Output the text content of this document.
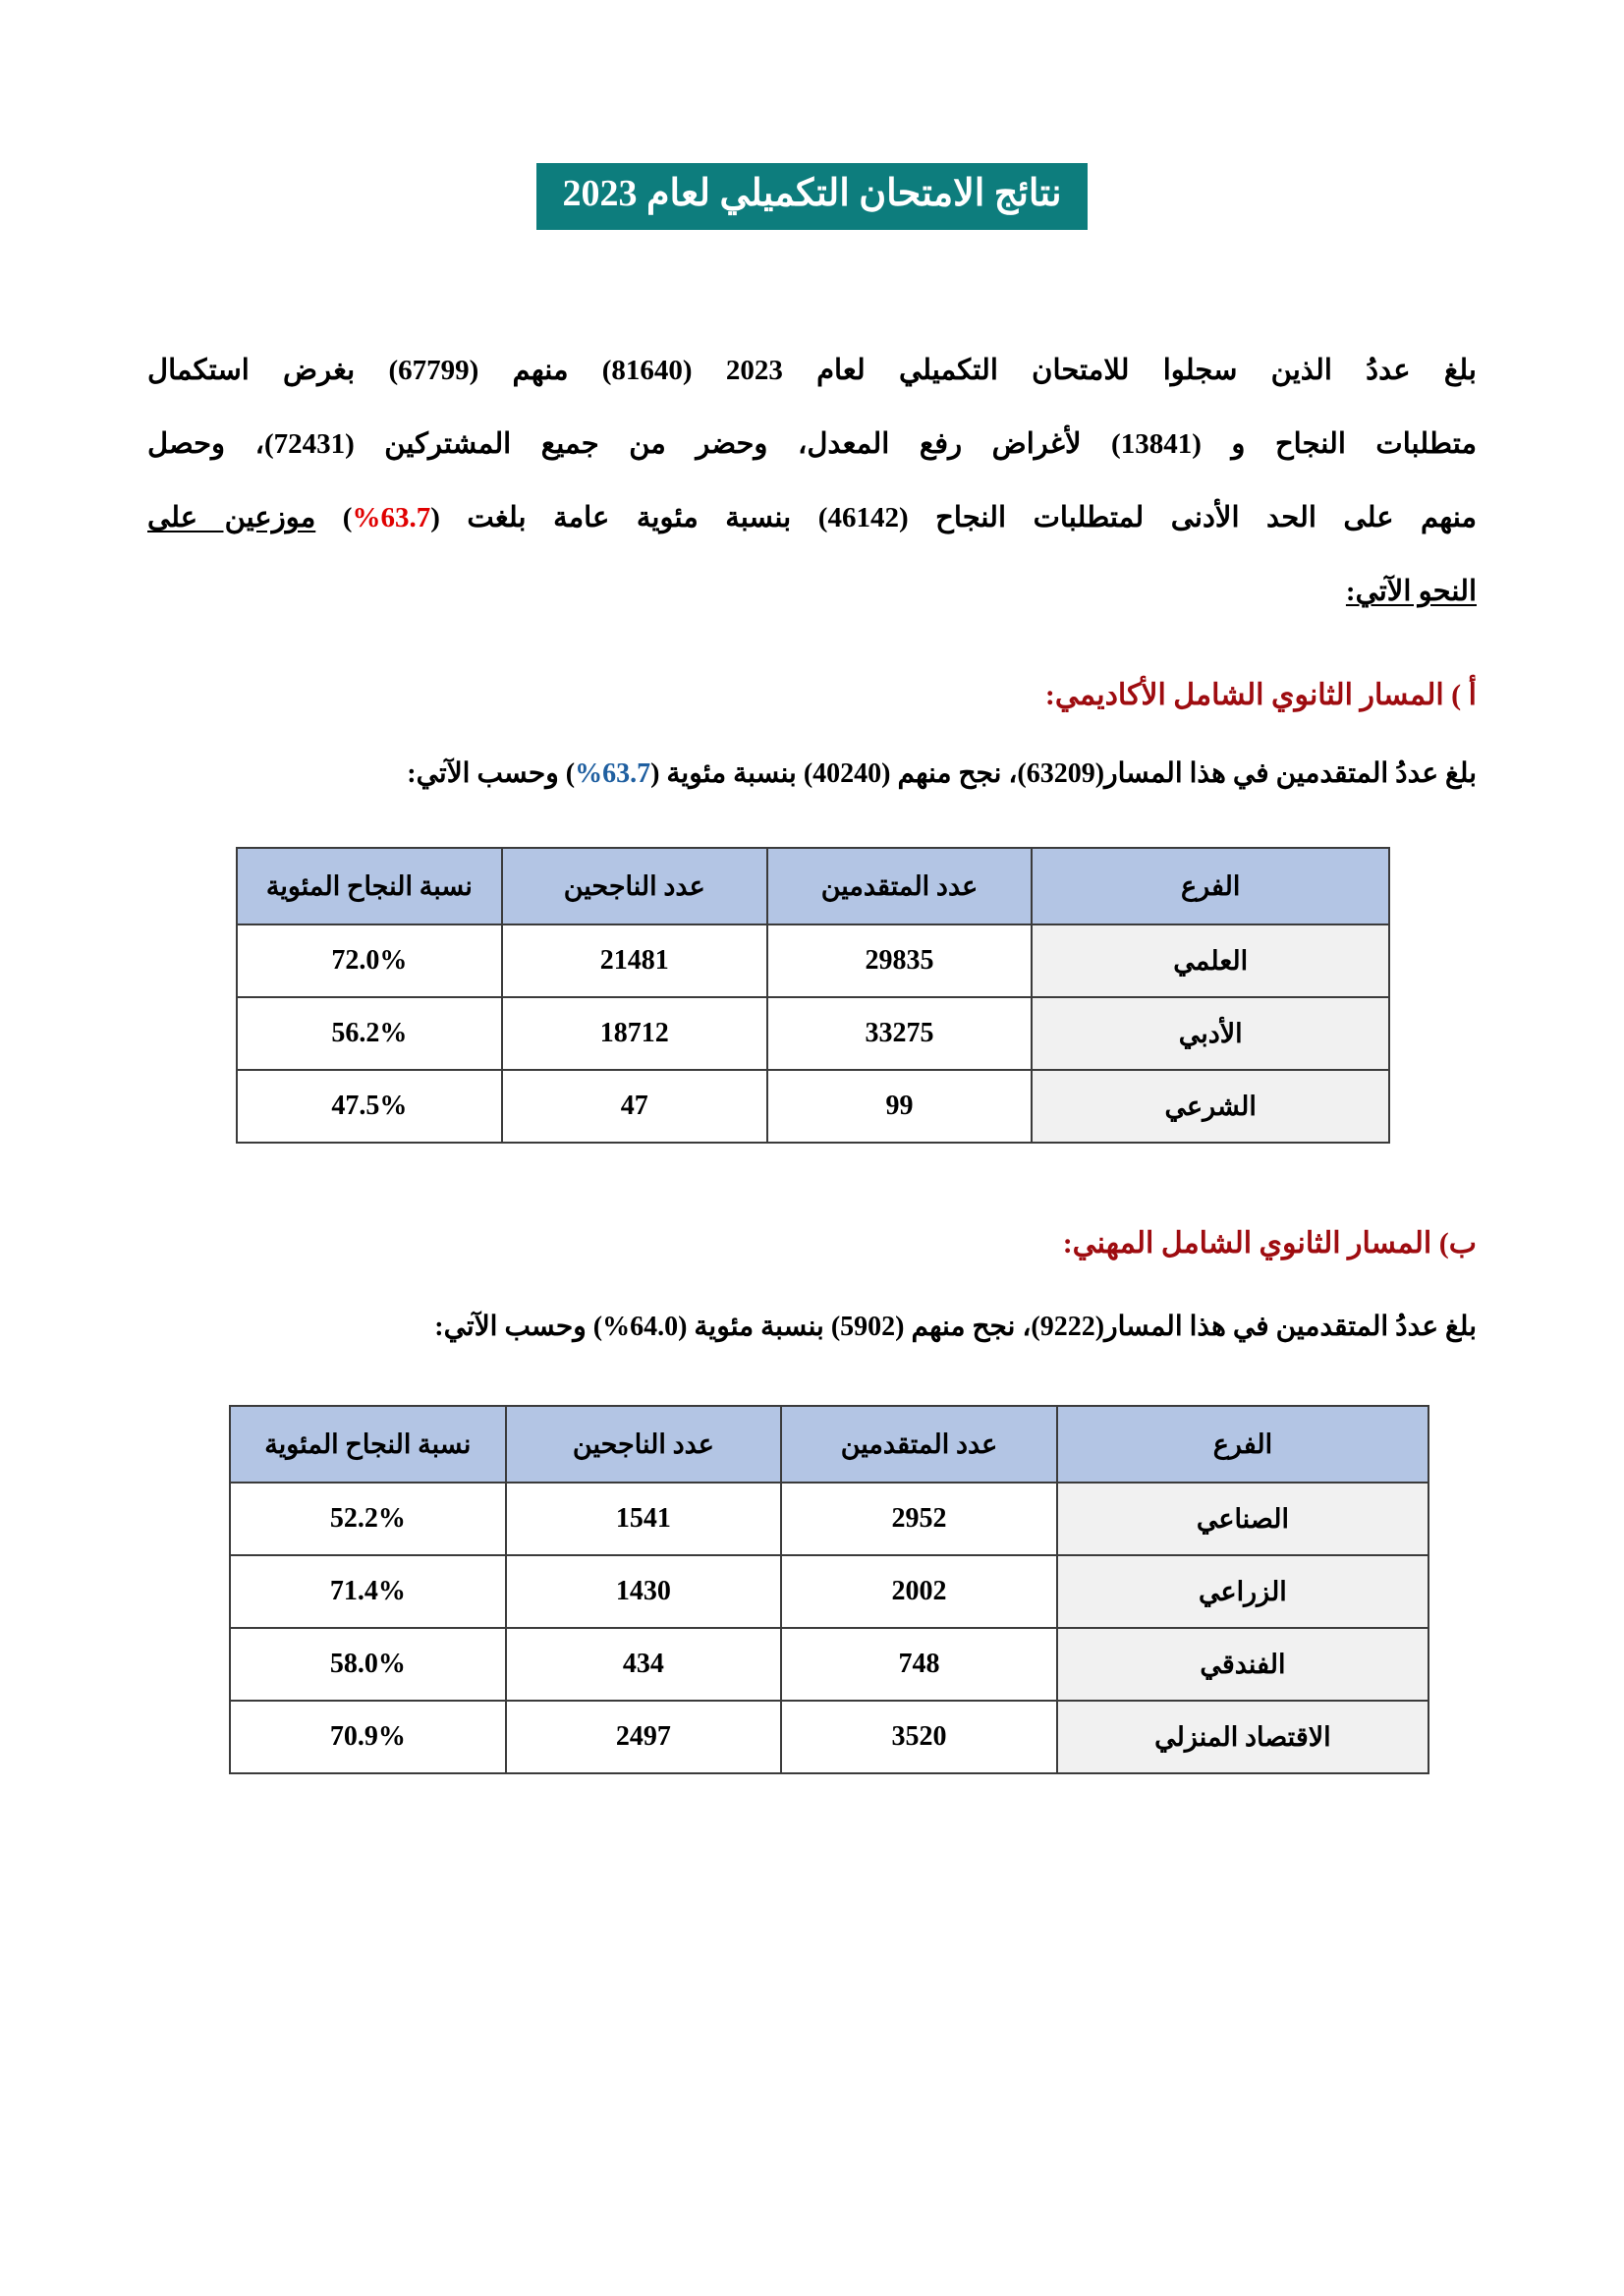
نتائج الامتحان التكميلي لعام 2023
بلغ عددُ الذين سجلوا للامتحان التكميلي لعام 2023 (81640) منهم (67799) بغرض استكمال
متطلبات النجاح و (13841) لأغراض رفع المعدل، وحضر من جميع المشتركين (72431)، وحصل
منهم على الحد الأدنى لمتطلبات النجاح (46142) بنسبة مئوية عامة بلغت (63.7%) موزعين على
النحو الآتي:
أ ) المسار الثانوي الشامل الأكاديمي:
بلغ عددُ المتقدمين في هذا المسار(63209)، نجح منهم (40240) بنسبة مئوية (63.7%) وحسب الآتي:
الفرع	عدد المتقدمين	عدد الناجحين	نسبة النجاح المئوية
العلمي	29835	21481	72.0%
الأدبي	33275	18712	56.2%
الشرعي	99	47	47.5%
ب) المسار الثانوي الشامل المهني:
بلغ عددُ المتقدمين في هذا المسار(9222)، نجح منهم (5902) بنسبة مئوية (64.0%) وحسب الآتي:
الفرع	عدد المتقدمين	عدد الناجحين	نسبة النجاح المئوية
الصناعي	2952	1541	52.2%
الزراعي	2002	1430	71.4%
الفندقي	748	434	58.0%
الاقتصاد المنزلي	3520	2497	70.9%
